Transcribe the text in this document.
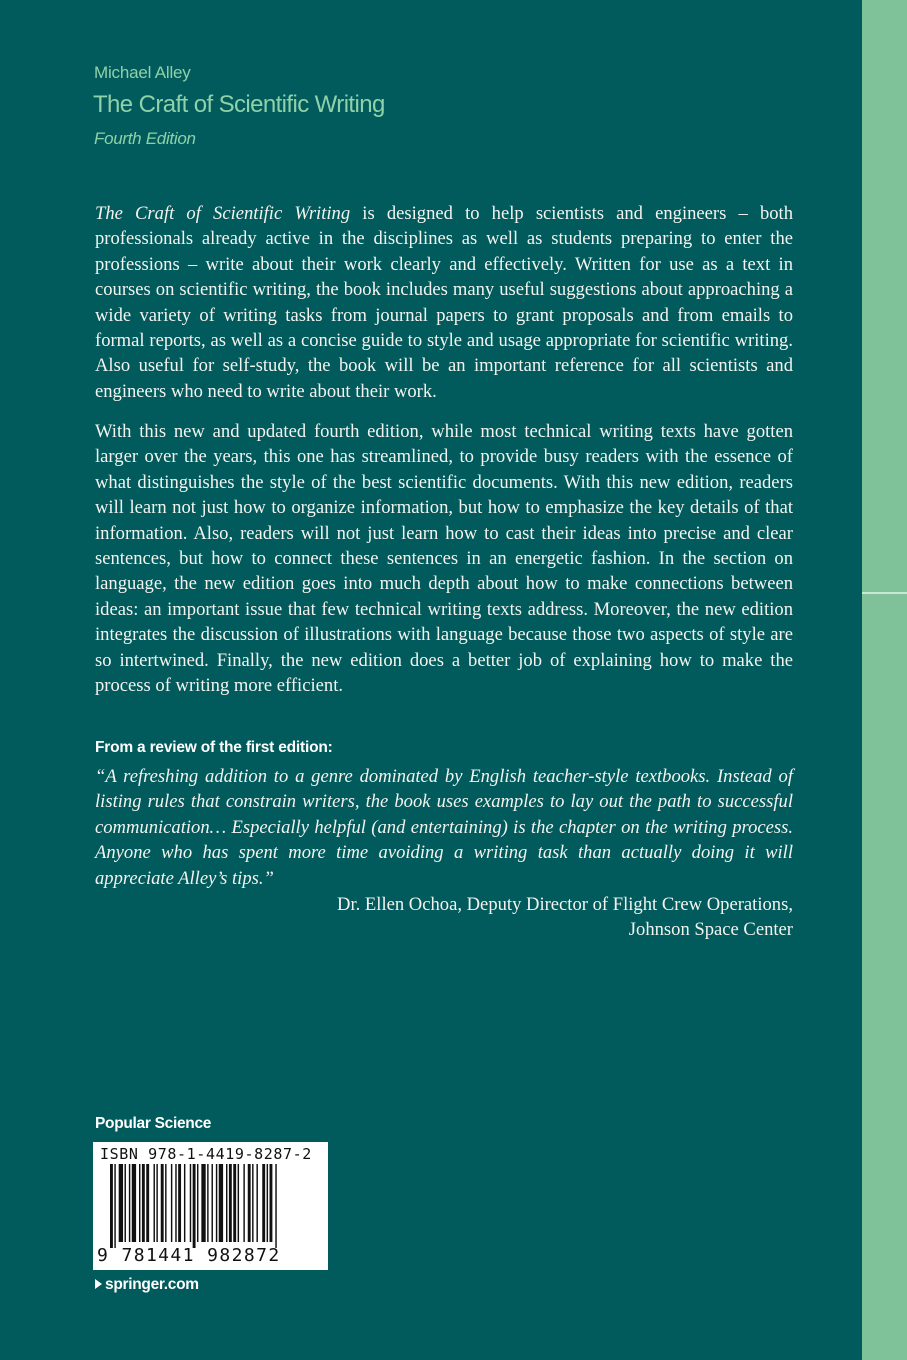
Michael Alley
The Craft of Scientific Writing
Fourth Edition

The Craft of Scientific Writing is designed to help scientists and engineers – both professionals already active in the disciplines as well as students preparing to enter the professions – write about their work clearly and effectively. Written for use as a text in courses on scientific writing, the book includes many useful suggestions about approaching a wide variety of writing tasks from journal papers to grant proposals and from emails to formal reports, as well as a concise guide to style and usage appropriate for scientific writing. Also useful for self-study, the book will be an important reference for all scientists and engineers who need to write about their work.

With this new and updated fourth edition, while most technical writing texts have gotten larger over the years, this one has streamlined, to provide busy readers with the essence of what distinguishes the style of the best scientific documents. With this new edition, readers will learn not just how to organize information, but how to emphasize the key details of that information. Also, readers will not just learn how to cast their ideas into precise and clear sentences, but how to connect these sentences in an energetic fashion. In the section on language, the new edition goes into much depth about how to make connections between ideas: an important issue that few technical writing texts address. Moreover, the new edition integrates the discussion of illustrations with language because those two aspects of style are so intertwined. Finally, the new edition does a better job of explaining how to make the process of writing more efficient.

From a review of the first edition:

“A refreshing addition to a genre dominated by English teacher-style textbooks. Instead of listing rules that constrain writers, the book uses examples to lay out the path to successful communication… Especially helpful (and entertaining) is the chapter on the writing process. Anyone who has spent more time avoiding a writing task than actually doing it will appreciate Alley’s tips.”

Dr. Ellen Ochoa, Deputy Director of Flight Crew Operations,
Johnson Space Center
Popular Science
ISBN 978-1-4419-8287-2
9 781441 982872
springer.com
